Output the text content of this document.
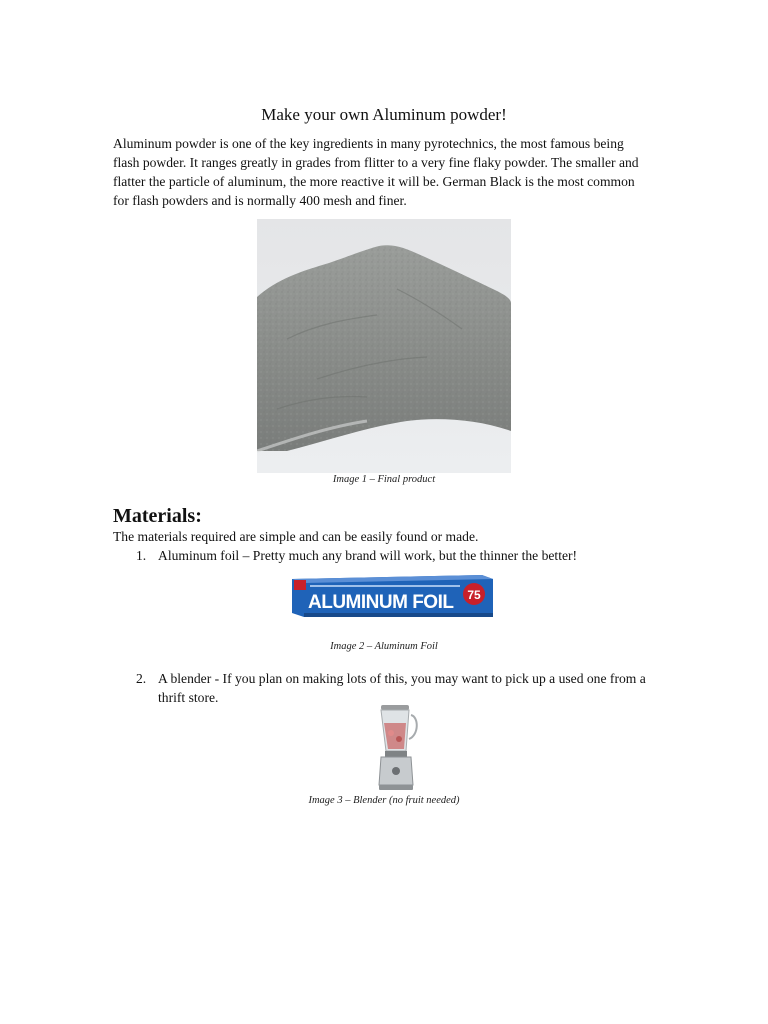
Make your own Aluminum powder!

Aluminum powder is one of the key ingredients in many pyrotechnics, the most famous being flash powder. It ranges greatly in grades from flitter to a very fine flaky powder. The smaller and flatter the particle of aluminum, the more reactive it will be. German Black is the most common for flash powders and is normally 400 mesh and finer.

Image 1 – Final product
Materials:

The materials required are simple and can be easily found or made.

1. Aluminum foil – Pretty much any brand will work, but the thinner the better!
ALUMINUM FOIL 75
Image 2 – Aluminum Foil
2. A blender - If you plan on making lots of this, you may want to pick up a used one from a thrift store.
Image 3 – Blender (no fruit needed)
